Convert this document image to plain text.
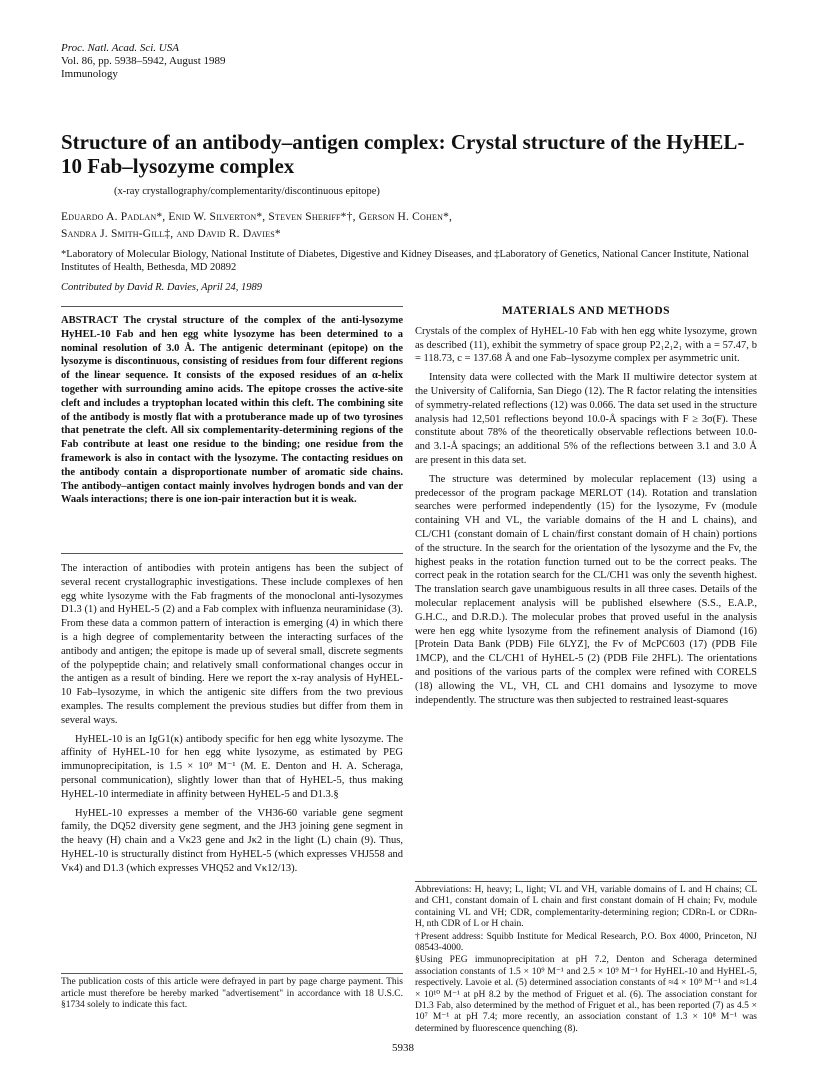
Proc. Natl. Acad. Sci. USA
Vol. 86, pp. 5938–5942, August 1989
Immunology
Structure of an antibody–antigen complex: Crystal structure of the HyHEL-10 Fab–lysozyme complex
(x-ray crystallography/complementarity/discontinuous epitope)
Eduardo A. Padlan*, Enid W. Silverton*, Steven Sheriff*†, Gerson H. Cohen*,
Sandra J. Smith-Gill‡, and David R. Davies*
*Laboratory of Molecular Biology, National Institute of Diabetes, Digestive and Kidney Diseases, and ‡Laboratory of Genetics, National Cancer Institute, National Institutes of Health, Bethesda, MD 20892
Contributed by David R. Davies, April 24, 1989
ABSTRACT The crystal structure of the complex of the anti-lysozyme HyHEL-10 Fab and hen egg white lysozyme has been determined to a nominal resolution of 3.0 Å. The antigenic determinant (epitope) on the lysozyme is discontinuous, consisting of residues from four different regions of the linear sequence. It consists of the exposed residues of an α-helix together with surrounding amino acids. The epitope crosses the active-site cleft and includes a tryptophan located within this cleft. The combining site of the antibody is mostly flat with a protuberance made up of two tyrosines that penetrate the cleft. All six complementarity-determining regions of the Fab contribute at least one residue to the binding; one residue from the framework is also in contact with the lysozyme. The contacting residues on the antibody contain a disproportionate number of aromatic side chains. The antibody–antigen contact mainly involves hydrogen bonds and van der Waals interactions; there is one ion-pair interaction but it is weak.

The interaction of antibodies with protein antigens has been the subject of several recent crystallographic investigations. These include complexes of hen egg white lysozyme with the Fab fragments of the monoclonal anti-lysozymes D1.3 (1) and HyHEL-5 (2) and a Fab complex with influenza neuraminidase (3). From these data a common pattern of interaction is emerging (4) in which there is a high degree of complementarity between the interacting surfaces of the antibody and antigen; the epitope is made up of several small, discrete segments of the polypeptide chain; and relatively small conformational changes occur in the antigen as a result of binding. Here we report the x-ray analysis of HyHEL-10 Fab–lysozyme, in which the antigenic site differs from the two previous examples. The results complement the previous studies but differ from them in several ways.

HyHEL-10 is an IgG1(κ) antibody specific for hen egg white lysozyme. The affinity of HyHEL-10 for hen egg white lysozyme, as estimated by PEG immunoprecipitation, is 1.5 × 10⁹ M⁻¹ (M. E. Denton and H. A. Scheraga, personal communication), slightly lower than that of HyHEL-5, thus making HyHEL-10 intermediate in affinity between HyHEL-5 and D1.3.§

HyHEL-10 expresses a member of the VH36-60 variable gene segment family, the DQ52 diversity gene segment, and the JH3 joining gene segment in the heavy (H) chain and a Vκ23 gene and Jκ2 in the light (L) chain (9). Thus, HyHEL-10 is structurally distinct from HyHEL-5 (which expresses VHJ558 and Vκ4) and D1.3 (which expresses VHQ52 and Vκ12/13).

The publication costs of this article were defrayed in part by page charge payment. This article must therefore be hereby marked "advertisement" in accordance with 18 U.S.C. §1734 solely to indicate this fact.
MATERIALS AND METHODS

Crystals of the complex of HyHEL-10 Fab with hen egg white lysozyme, grown as described (11), exhibit the symmetry of space group P2₁2₁2₁ with a = 57.47, b = 118.73, c = 137.68 Å and one Fab–lysozyme complex per asymmetric unit.

Intensity data were collected with the Mark II multiwire detector system at the University of California, San Diego (12). The R factor relating the intensities of symmetry-related reflections (12) was 0.066. The data set used in the structure analysis had 12,501 reflections beyond 10.0-Å spacings with F ≥ 3σ(F). These constitute about 78% of the theoretically observable reflections between 10.0- and 3.1-Å spacings; an additional 5% of the reflections between 3.1 and 3.0 Å are present in this data set.

The structure was determined by molecular replacement (13) using a predecessor of the program package MERLOT (14). Rotation and translation searches were performed independently (15) for the lysozyme, Fv (module containing VH and VL, the variable domains of the H and L chains), and CL/CH1 (constant domain of L chain/first constant domain of H chain) portions of the structure. In the search for the orientation of the lysozyme and the Fv, the highest peaks in the rotation function turned out to be the correct peaks. The correct peak in the rotation search for the CL/CH1 was only the seventh highest. The translation search gave unambiguous results in all three cases. Details of the molecular replacement analysis will be published elsewhere (S.S., E.A.P., G.H.C., and D.R.D.). The molecular probes that proved useful in the analysis were hen egg white lysozyme from the refinement analysis of Diamond (16) [Protein Data Bank (PDB) File 6LYZ], the Fv of McPC603 (17) (PDB File 1MCP), and the CL/CH1 of HyHEL-5 (2) (PDB File 2HFL). The orientations and positions of the various parts of the complex were refined with CORELS (18) allowing the VL, VH, CL and CH1 domains and lysozyme to move independently. The structure was then subjected to restrained least-squares

Abbreviations: H, heavy; L, light; VL and VH, variable domains of L and H chains; CL and CH1, constant domain of L chain and first constant domain of H chain; Fv, module containing VL and VH; CDR, complementarity-determining region; CDRn-L or CDRn-H, nth CDR of L or H chain.

†Present address: Squibb Institute for Medical Research, P.O. Box 4000, Princeton, NJ 08543-4000.

§Using PEG immunoprecipitation at pH 7.2, Denton and Scheraga determined association constants of 1.5 × 10⁹ M⁻¹ and 2.5 × 10⁹ M⁻¹ for HyHEL-10 and HyHEL-5, respectively. Lavoie et al. (5) determined association constants of ≈4 × 10⁹ M⁻¹ and ≈1.4 × 10¹⁰ M⁻¹ at pH 8.2 by the method of Friguet et al. (6). The association constant for D1.3 Fab, also determined by the method of Friguet et al., has been reported (7) as 4.5 × 10⁷ M⁻¹ at pH 7.4; more recently, an association constant of 1.3 × 10⁸ M⁻¹ was determined by fluorescence quenching (8).

5938
